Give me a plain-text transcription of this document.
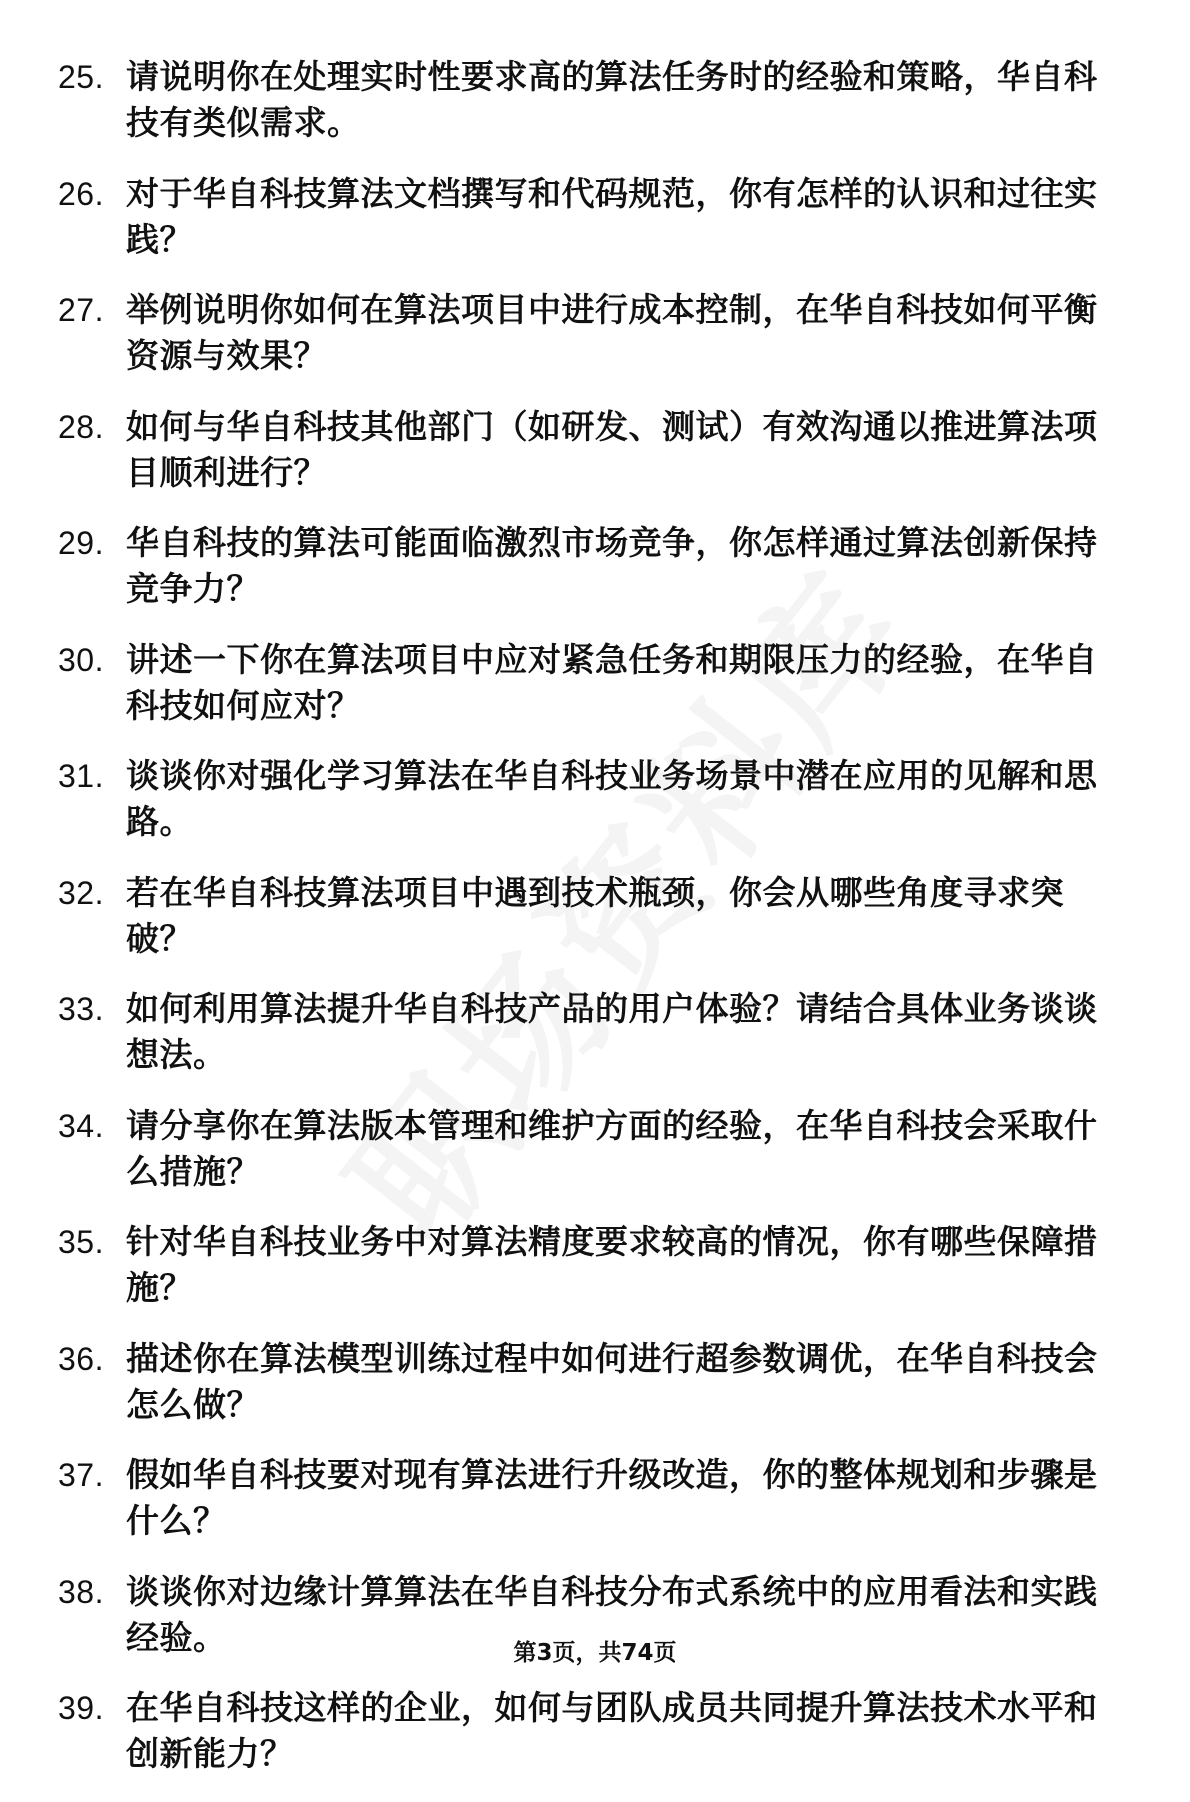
25. 请说明你在处理实时性要求高的算法任务时的经验和策略，华自科技有类似需求。
26. 对于华自科技算法文档撰写和代码规范，你有怎样的认识和过往实践？
27. 举例说明你如何在算法项目中进行成本控制，在华自科技如何平衡资源与效果？
28. 如何与华自科技其他部门（如研发、测试）有效沟通以推进算法项目顺利进行？
29. 华自科技的算法可能面临激烈市场竞争，你怎样通过算法创新保持竞争力？
30. 讲述一下你在算法项目中应对紧急任务和期限压力的经验，在华自科技如何应对？
31. 谈谈你对强化学习算法在华自科技业务场景中潜在应用的见解和思路。
32. 若在华自科技算法项目中遇到技术瓶颈，你会从哪些角度寻求突破？
33. 如何利用算法提升华自科技产品的用户体验？请结合具体业务谈谈想法。
34. 请分享你在算法版本管理和维护方面的经验，在华自科技会采取什么措施？
35. 针对华自科技业务中对算法精度要求较高的情况，你有哪些保障措施？
36. 描述你在算法模型训练过程中如何进行超参数调优，在华自科技会怎么做？
37. 假如华自科技要对现有算法进行升级改造，你的整体规划和步骤是什么？
38. 谈谈你对边缘计算算法在华自科技分布式系统中的应用看法和实践经验。
39. 在华自科技这样的企业，如何与团队成员共同提升算法技术水平和创新能力？
第3页，共74页
